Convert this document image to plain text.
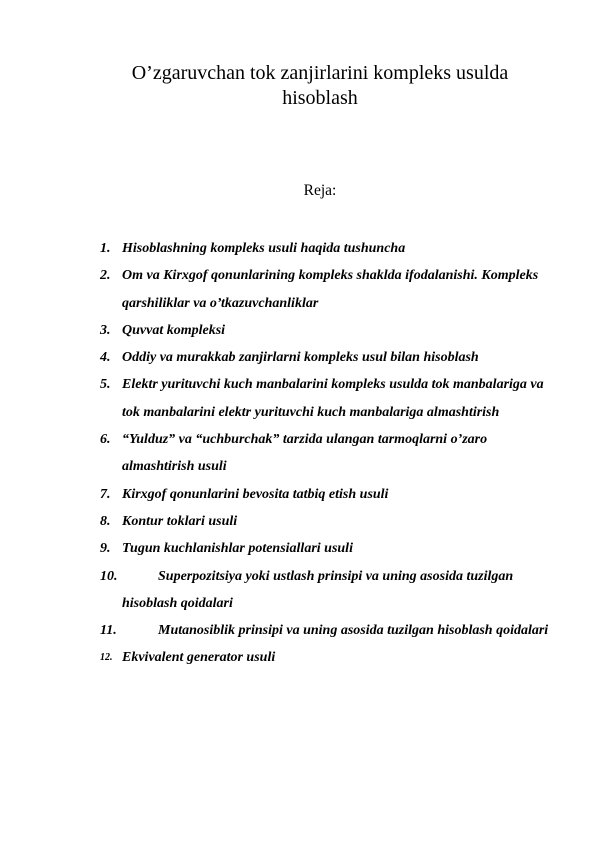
O’zgaruvchan tok zanjirlarini kompleks usulda hisoblash
Reja:
1. Hisoblashning kompleks usuli haqida tushuncha
2. Om va Kirxgof qonunlarining kompleks shaklda ifodalanishi. Kompleks qarshiliklar va o’tkazuvchanliklar
3. Quvvat kompleksi
4. Oddiy va murakkab zanjirlarni kompleks usul bilan hisoblash
5. Elektr yurituvchi kuch manbalarini kompleks usulda tok manbalariga va tok manbalarini elektr yurituvchi kuch manbalariga almashtirish
6. “Yulduz” va “uchburchak” tarzida ulangan tarmoqlarni o’zaro almashtirish usuli
7. Kirxgof qonunlarini bevosita tatbiq etish usuli
8. Kontur toklari usuli
9. Tugun kuchlanishlar potensiallari usuli
10.	Superpozitsiya yoki ustlash prinsipi va uning asosida tuzilgan hisoblash qoidalari
11.	Mutanosiblik prinsipi va uning asosida tuzilgan hisoblash qoidalari
12. Ekvivalent generator usuli
